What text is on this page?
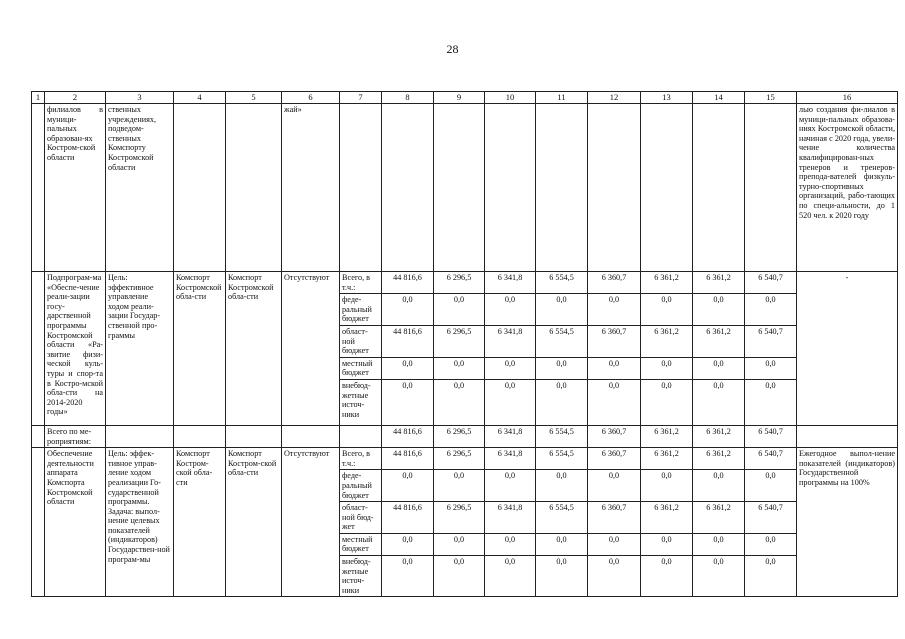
28
1	2	3	4	5	6	7	8	9	10	11	12	13	14	15	16
	филиалов в муници-пальных образован-ях Костром-ской области	ственных учреждениях, подведом-ственных Комспорту Костромской области			жай»										лью создания фи-лиалов в муници-пальных образова-ниях Костромской области, начиная с 2020 года, увели-чение количества квалифицирован-ных тренеров и тренеров-препода-вателей физкуль-турно-спортивных организаций, рабо-тающих по специ-альности, до 1 520 чел. к 2020 году
	Подпрограм-ма «Обеспе-чение реали-зации госу-дарственной программы Костромской области «Ра-звитие физи-ческой куль-туры и спор-та в Костро-мской обла-сти на 2014-2020 годы»	Цель: эффективное управление ходом реали-зации Государ-ственной про-граммы	Комспорт Костромской обла-сти	Комспорт Костромской обла-сти	Отсутствуют	Всего, в т.ч.:	44 816,6	6 296,5	6 341,8	6 554,5	6 360,7	6 361,2	6 361,2	6 540,7	-
						феде-ральный бюджет	0,0	0,0	0,0	0,0	0,0	0,0	0,0	0,0	
						област-ной бюджет	44 816,6	6 296,5	6 341,8	6 554,5	6 360,7	6 361,2	6 361,2	6 540,7	
						местный бюджет	0,0	0,0	0,0	0,0	0,0	0,0	0,0	0,0	
						внебюд-жетные источ-ники	0,0	0,0	0,0	0,0	0,0	0,0	0,0	0,0	
	Всего по ме-роприятиям:						44 816,6	6 296,5	6 341,8	6 554,5	6 360,7	6 361,2	6 361,2	6 540,7	
	Обеспечение деятельности аппарата Комспорта Костромской области	Цель: эффек-тивное управ-ление ходом реализации Го-сударственной программы. Задача: выпол-нение целевых показателей (индикаторов) Государствен-ной програм-мы	Комспорт Костром-ской обла-сти	Комспорт Костром-ской обла-сти	Отсутствуют	Всего, в т.ч.:	44 816,6	6 296,5	6 341,8	6 554,5	6 360,7	6 361,2	6 361,2	6 540,7	Ежегодное выпол-нение показателей (индикаторов) Государственной программы на 100%
						феде-ральный бюджет	0,0	0,0	0,0	0,0	0,0	0,0	0,0	0,0	
						област-ной бюд-жет	44 816,6	6 296,5	6 341,8	6 554,5	6 360,7	6 361,2	6 361,2	6 540,7	
						местный бюджет	0,0	0,0	0,0	0,0	0,0	0,0	0,0	0,0	
						внебюд-жетные источ-ники	0,0	0,0	0,0	0,0	0,0	0,0	0,0	0,0	
